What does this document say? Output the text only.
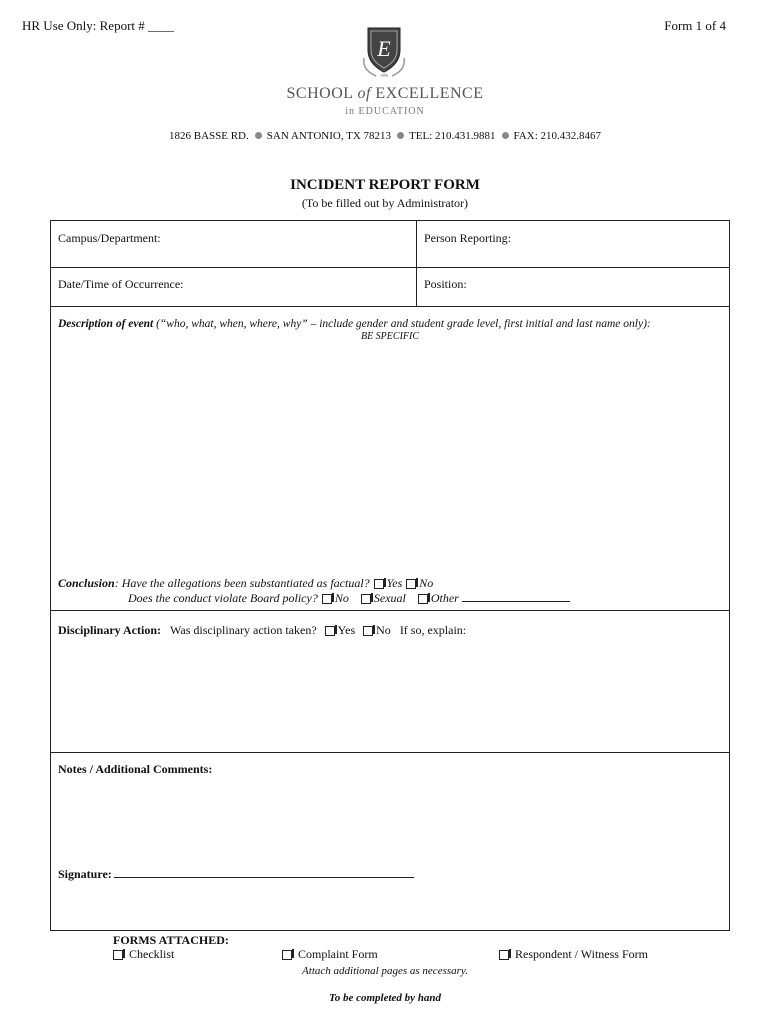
HR Use Only: Report # ____	Form 1 of 4
E
1998
EST.
SCHOOL of EXCELLENCE
in EDUCATION
1826 BASSE RD. SAN ANTONIO, TX 78213 TEL: 210.431.9881 FAX: 210.432.8467
INCIDENT REPORT FORM
(To be filled out by Administrator)
Campus/Department:	Person Reporting:
Date/Time of Occurrence:	Position:
Description of event (“who, what, when, where, why” – include gender and student grade level, first initial and last name only):
BE SPECIFIC
Conclusion: Have the allegations been substantiated as factual? Yes No
Does the conduct violate Board policy? No Sexual Other
Disciplinary Action: Was disciplinary action taken? Yes No If so, explain:
Notes / Additional Comments:
Signature:
FORMS ATTACHED:
Checklist	Complaint Form	Respondent / Witness Form
Attach additional pages as necessary.
To be completed by hand
